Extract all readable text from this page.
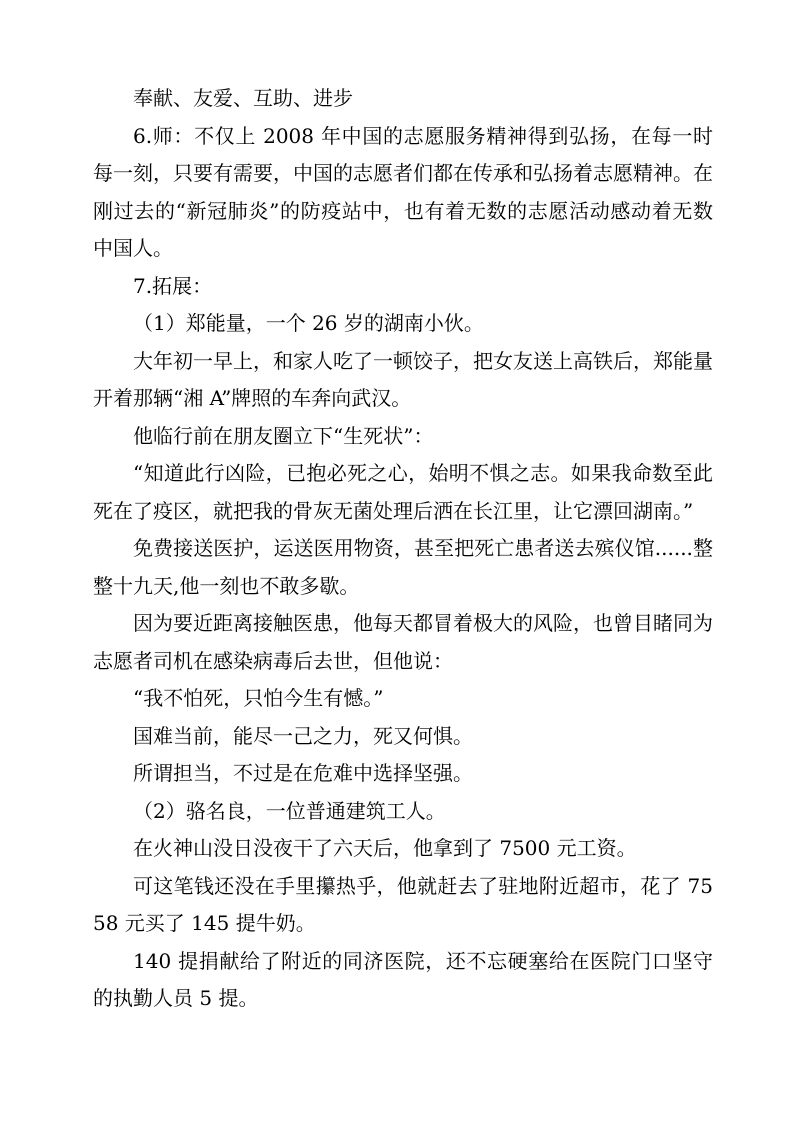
奉献、友爱、互助、进步

6.师：不仅上 2008 年中国的志愿服务精神得到弘扬，在每一时每一刻，只要有需要，中国的志愿者们都在传承和弘扬着志愿精神。在刚过去的“新冠肺炎”的防疫站中，也有着无数的志愿活动感动着无数中国人。

7.拓展：

（1）郑能量，一个 26 岁的湖南小伙。

大年初一早上，和家人吃了一顿饺子，把女友送上高铁后，郑能量开着那辆“湘 A”牌照的车奔向武汉。

他临行前在朋友圈立下“生死状”：

“知道此行凶险，已抱必死之心，始明不惧之志。如果我命数至此死在了疫区，就把我的骨灰无菌处理后洒在长江里，让它漂回湖南。”

免费接送医护，运送医用物资，甚至把死亡患者送去殡仪馆......整整十九天,他一刻也不敢多歇。

因为要近距离接触医患，他每天都冒着极大的风险，也曾目睹同为志愿者司机在感染病毒后去世，但他说：

“我不怕死，只怕今生有憾。”

国难当前，能尽一己之力，死又何惧。

所谓担当，不过是在危难中选择坚强。

（2）骆名良，一位普通建筑工人。

在火神山没日没夜干了六天后，他拿到了 7500 元工资。

可这笔钱还没在手里攥热乎，他就赶去了驻地附近超市，花了 7558 元买了 145 提牛奶。

140 提捐献给了附近的同济医院，还不忘硬塞给在医院门口坚守的执勤人员 5 提。
